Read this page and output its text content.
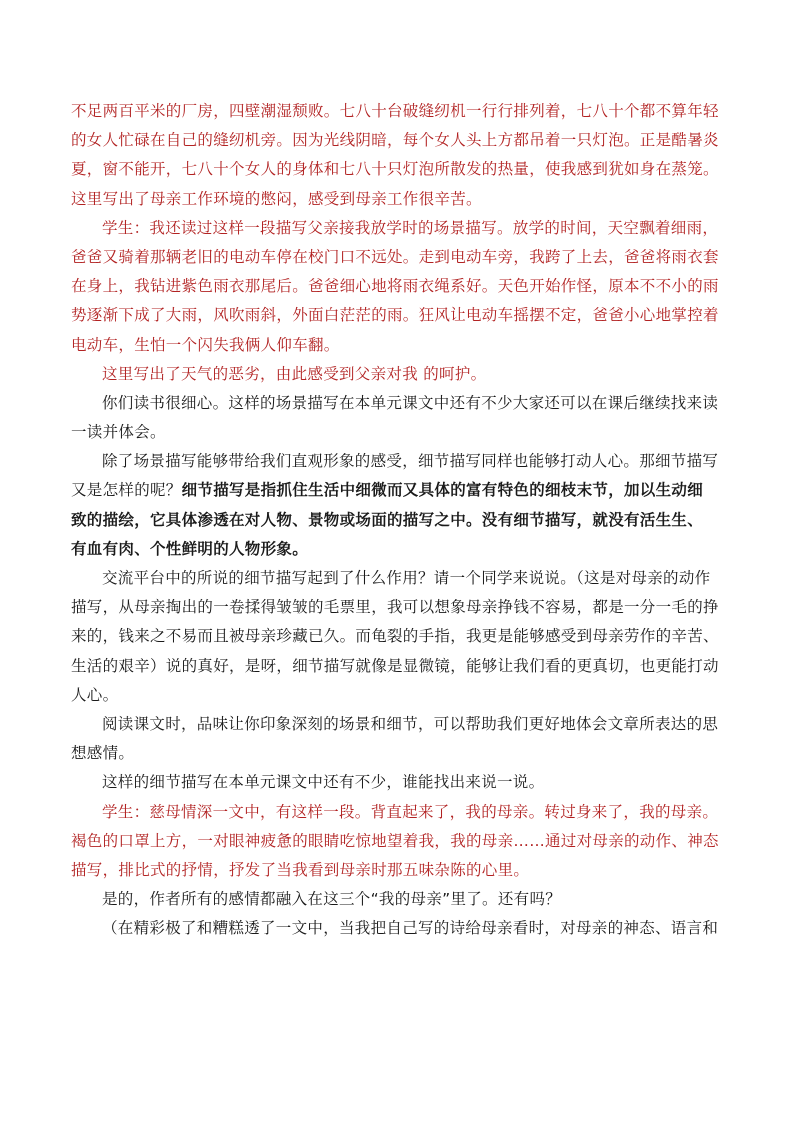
不足两百平米的厂房，四壁潮湿颓败。七八十台破缝纫机一行行排列着，七八十个都不算年轻
的女人忙碌在自己的缝纫机旁。因为光线阴暗，每个女人头上方都吊着一只灯泡。正是酷暑炎
夏，窗不能开，七八十个女人的身体和七八十只灯泡所散发的热量，使我感到犹如身在蒸笼。
这里写出了母亲工作环境的憋闷，感受到母亲工作很辛苦。
学生：我还读过这样一段描写父亲接我放学时的场景描写。放学的时间，天空飘着细雨，
爸爸又骑着那辆老旧的电动车停在校门口不远处。走到电动车旁，我跨了上去，爸爸将雨衣套
在身上，我钻进紫色雨衣那尾后。爸爸细心地将雨衣绳系好。天色开始作怪，原本不不小的雨
势逐渐下成了大雨，风吹雨斜，外面白茫茫的雨。狂风让电动车摇摆不定，爸爸小心地掌控着
电动车，生怕一个闪失我俩人仰车翻。
这里写出了天气的恶劣，由此感受到父亲对我 的呵护。
你们读书很细心。这样的场景描写在本单元课文中还有不少大家还可以在课后继续找来读
一读并体会。
除了场景描写能够带给我们直观形象的感受，细节描写同样也能够打动人心。那细节描写
又是怎样的呢？细节描写是指抓住生活中细微而又具体的富有特色的细枝末节，加以生动细
致的描绘，它具体渗透在对人物、景物或场面的描写之中。没有细节描写，就没有活生生、
有血有肉、个性鲜明的人物形象。
交流平台中的所说的细节描写起到了什么作用？请一个同学来说说。（这是对母亲的动作
描写，从母亲掏出的一卷揉得皱皱的毛票里，我可以想象母亲挣钱不容易，都是一分一毛的挣
来的，钱来之不易而且被母亲珍藏已久。而龟裂的手指，我更是能够感受到母亲劳作的辛苦、
生活的艰辛）说的真好，是呀，细节描写就像是显微镜，能够让我们看的更真切，也更能打动
人心。
阅读课文时，品味让你印象深刻的场景和细节，可以帮助我们更好地体会文章所表达的思
想感情。
这样的细节描写在本单元课文中还有不少，谁能找出来说一说。
学生：慈母情深一文中，有这样一段。背直起来了，我的母亲。转过身来了，我的母亲。
褐色的口罩上方，一对眼神疲惫的眼睛吃惊地望着我，我的母亲……通过对母亲的动作、神态
描写，排比式的抒情，抒发了当我看到母亲时那五味杂陈的心里。
是的，作者所有的感情都融入在这三个“我的母亲”里了。还有吗？
（在精彩极了和糟糕透了一文中，当我把自己写的诗给母亲看时，对母亲的神态、语言和
